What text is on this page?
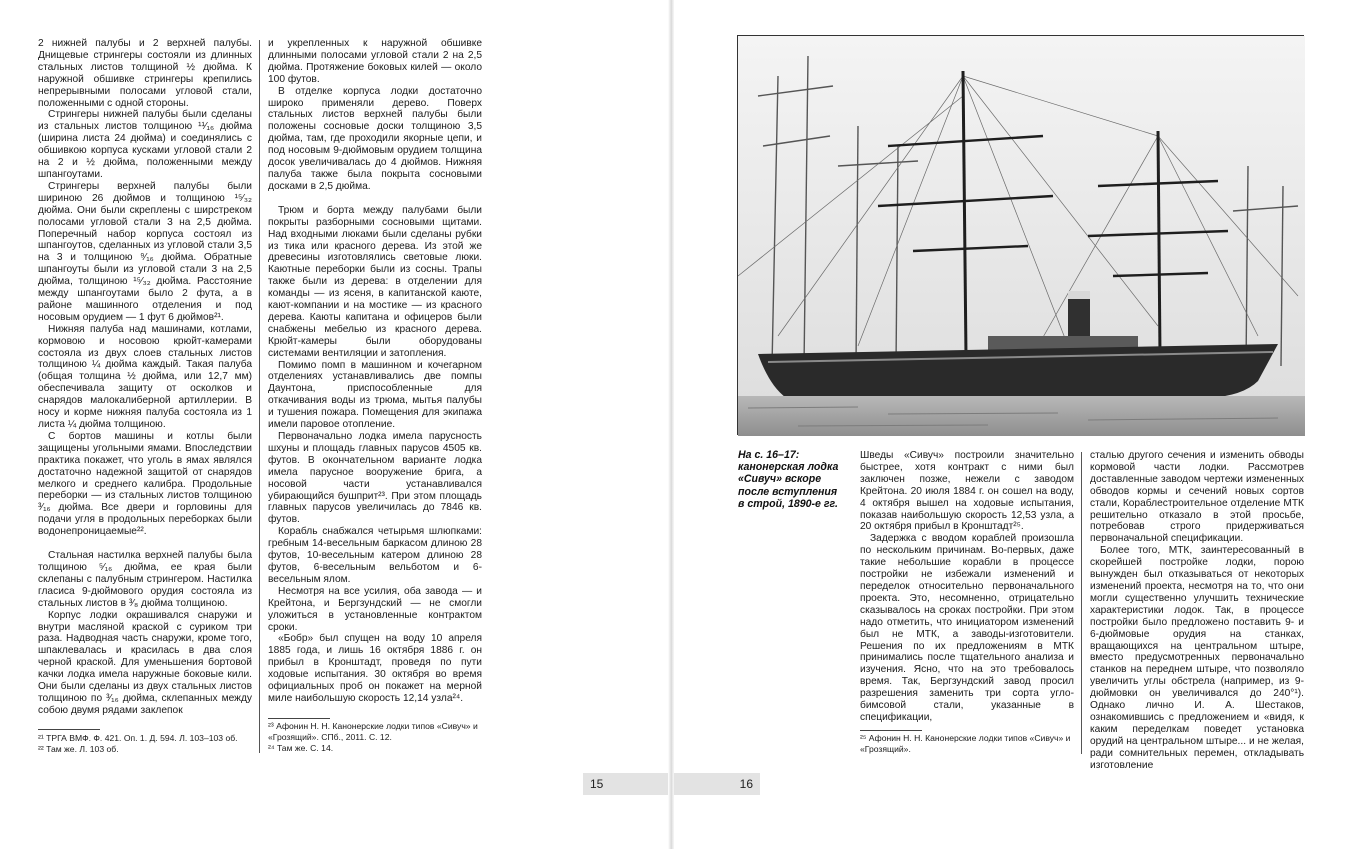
2 нижней палубы и 2 верхней палубы. Днищевые стрингеры состояли из длинных стальных листов толщиной ½ дюйма. К наружной обшивке стрингеры крепились непрерывными полосами угловой стали, положенными с одной стороны.

Стрингеры нижней палубы были сделаны из стальных листов толщиною ¹¹⁄₁₆ дюйма (ширина листа 24 дюйма) и соединялись с обшивкою корпуса кусками угловой стали 2 на 2 и ½ дюйма, положенными между шпангоутами.

Стрингеры верхней палубы были шириною 26 дюймов и толщиною ¹⁵⁄₃₂ дюйма. Они были скреплены с ширстреком полосами угловой стали 3 на 2,5 дюйма. Поперечный набор корпуса состоял из шпангоутов, сделанных из угловой стали 3,5 на 3 и толщиною ⁹⁄₁₆ дюйма. Обратные шпангоуты были из угловой стали 3 на 2,5 дюйма, толщиною ¹⁵⁄₃₂ дюйма. Расстояние между шпангоутами было 2 фута, а в районе машинного отделения и под носовым орудием — 1 фут 6 дюймов²¹.

Нижняя палуба над машинами, котлами, кормовою и носовою крюйт-камерами состояла из двух слоев стальных листов толщиною ¼ дюйма каждый. Такая палуба (общая толщина ½ дюйма, или 12,7 мм) обеспечивала защиту от осколков и снарядов малокалиберной артиллерии. В носу и корме нижняя палуба состояла из 1 листа ¼ дюйма толщиною.

С бортов машины и котлы были защищены угольными ямами. Впоследствии практика покажет, что уголь в ямах являлся достаточно надежной защитой от снарядов мелкого и среднего калибра. Продольные переборки — из стальных листов толщиною ³⁄₁₆ дюйма. Все двери и горловины для подачи угля в продольных переборках были водонепроницаемые²².

Стальная настилка верхней палубы была толщиною ⁵⁄₁₆ дюйма, ее края были склепаны с палубным стрингером. Настилка гласиса 9-дюймового орудия состояла из стальных листов в ³⁄₈ дюйма толщиною.

Корпус лодки окрашивался снаружи и внутри масляной краской с суриком три раза. Надводная часть снаружи, кроме того, шпаклевалась и красилась в два слоя черной краской. Для уменьшения бортовой качки лодка имела наружные боковые кили. Они были сделаны из двух стальных листов толщиною по ³⁄₁₆ дюйма, склепанных между собою двумя рядами заклепок

и укрепленных к наружной обшивке длинными полосами угловой стали 2 на 2,5 дюйма. Протяжение боковых килей — около 100 футов.

В отделке корпуса лодки достаточно широко применяли дерево. Поверх стальных листов верхней палубы были положены сосновые доски толщиною 3,5 дюйма, там, где проходили якорные цепи, и под носовым 9-дюймовым орудием толщина досок увеличивалась до 4 дюймов. Нижняя палуба также была покрыта сосновыми досками в 2,5 дюйма.

Трюм и борта между палубами были покрыты разборными сосновыми щитами. Над входными люками были сделаны рубки из тика или красного дерева. Из этой же древесины изготовлялись световые люки. Каютные переборки были из сосны. Трапы также были из дерева: в отделении для команды — из ясеня, в капитанской каюте, кают-компании и на мостике — из красного дерева. Каюты капитана и офицеров были снабжены мебелью из красного дерева. Крюйт-камеры были оборудованы системами вентиляции и затопления.

Помимо помп в машинном и кочегарном отделениях устанавливались две помпы Даунтона, приспособленные для откачивания воды из трюма, мытья палубы и тушения пожара. Помещения для экипажа имели паровое отопление.

Первоначально лодка имела парусность шхуны и площадь главных парусов 4505 кв. футов. В окончательном варианте лодка имела парусное вооружение брига, а носовой части устанавливался убирающийся бушприт²³. При этом площадь главных парусов увеличилась до 7846 кв. футов.

Корабль снабжался четырьмя шлюпками: гребным 14-весельным баркасом длиною 28 футов, 10-весельным катером длиною 28 футов, 6-весельным вельботом и 6-весельным ялом.

Несмотря на все усилия, оба завода — и Крейтона, и Бергзундский — не смогли уложиться в установленные контрактом сроки.

«Бобр» был спущен на воду 10 апреля 1885 года, и лишь 16 октября 1886 г. он прибыл в Кронштадт, проведя по пути ходовые испытания. 30 октября во время официальных проб он покажет на мерной миле наибольшую скорость 12,14 узла²⁴.

²¹ ТРГА ВМФ. Ф. 421. Оп. 1. Д. 594. Л. 103–103 об.
²² Там же. Л. 103 об.
²³ Афонин Н. Н. Канонерские лодки типов «Сивуч» и «Грозящий». СПб., 2011. С. 12.
²⁴ Там же. С. 14.
15	16
На с. 16–17: канонерская лодка «Сивуч» вскоре после вступления в строй, 1890-е гг.

Шведы «Сивуч» построили значительно быстрее, хотя контракт с ними был заключен позже, нежели с заводом Крейтона. 20 июля 1884 г. он сошел на воду, 4 октября вышел на ходовые испытания, показав наибольшую скорость 12,53 узла, а 20 октября прибыл в Кронштадт²⁵.

Задержка с вводом кораблей произошла по нескольким причинам. Во-первых, даже такие небольшие корабли в процессе постройки не избежали изменений и переделок относительно первоначального проекта. Это, несомненно, отрицательно сказывалось на сроках постройки. При этом надо отметить, что инициатором изменений был не МТК, а заводы-изготовители. Решения по их предложениям в МТК принимались после тщательного анализа и изучения. Ясно, что на это требовалось время. Так, Бергзундский завод просил разрешения заменить три сорта угло-бимсовой стали, указанные в спецификации,

сталью другого сечения и изменить обводы кормовой части лодки. Рассмотрев доставленные заводом чертежи измененных обводов кормы и сечений новых сортов стали, Кораблестроительное отделение МТК решительно отказало в этой просьбе, потребовав строго придерживаться первоначальной спецификации.

Более того, МТК, заинтересованный в скорейшей постройке лодки, порою вынужден был отказываться от некоторых изменений проекта, несмотря на то, что они могли существенно улучшить технические характеристики лодок. Так, в процессе постройки было предложено поставить 9- и 6-дюймовые орудия на станках, вращающихся на центральном штыре, вместо предусмотренных первоначально станков на переднем штыре, что позволяло увеличить углы обстрела (например, из 9-дюймовки он увеличивался до 240°¹). Однако лично И. А. Шестаков, ознакомившись с предложением и «видя, к каким переделкам поведет установка орудий на центральном штыре... и не желая, ради сомнительных перемен, откладывать изготовление

²⁵ Афонин Н. Н. Канонерские лодки типов «Сивуч» и «Грозящий».
